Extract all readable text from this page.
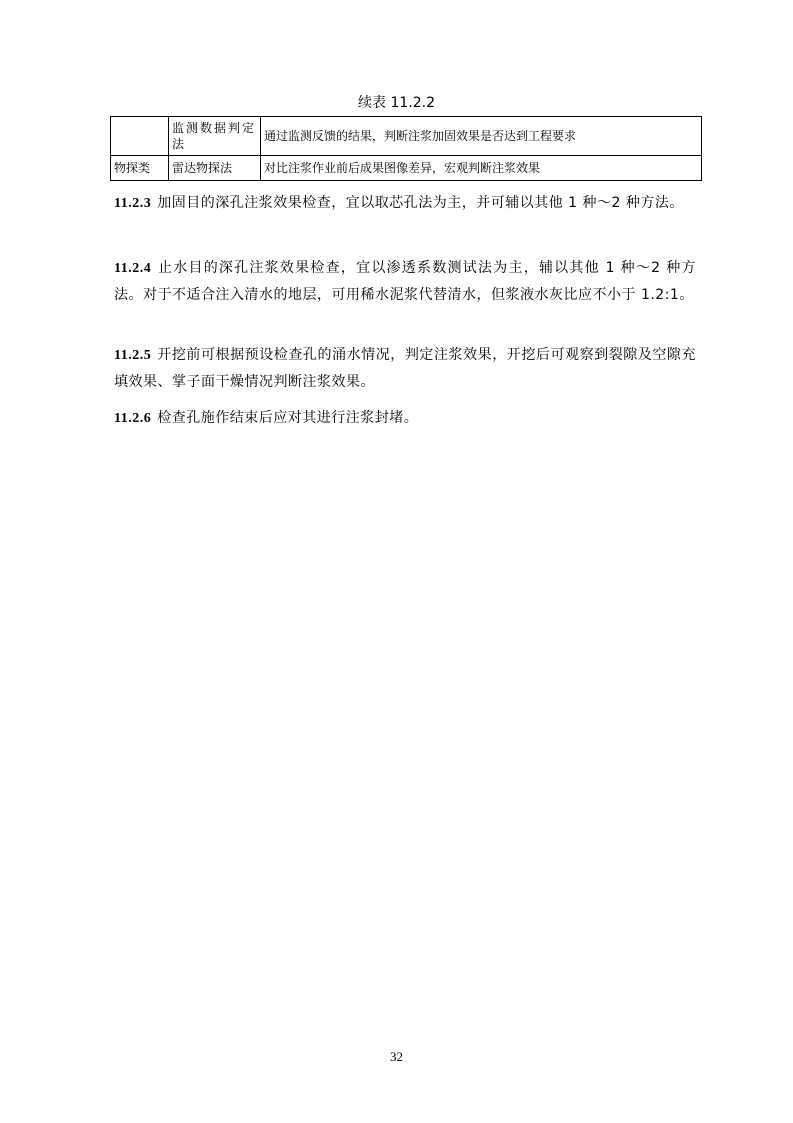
续表 11.2.2
	监测数据判定法	通过监测反馈的结果，判断注浆加固效果是否达到工程要求
物探类	雷达物探法	对比注浆作业前后成果图像差异，宏观判断注浆效果
11.2.3 加固目的深孔注浆效果检查，宜以取芯孔法为主，并可辅以其他 1 种～2 种方法。
11.2.4 止水目的深孔注浆效果检查，宜以渗透系数测试法为主，辅以其他 1 种～2 种方法。对于不适合注入清水的地层，可用稀水泥浆代替清水，但浆液水灰比应不小于 1.2:1。
11.2.5 开挖前可根据预设检查孔的涌水情况，判定注浆效果，开挖后可观察到裂隙及空隙充填效果、掌子面干燥情况判断注浆效果。
11.2.6 检查孔施作结束后应对其进行注浆封堵。
32
